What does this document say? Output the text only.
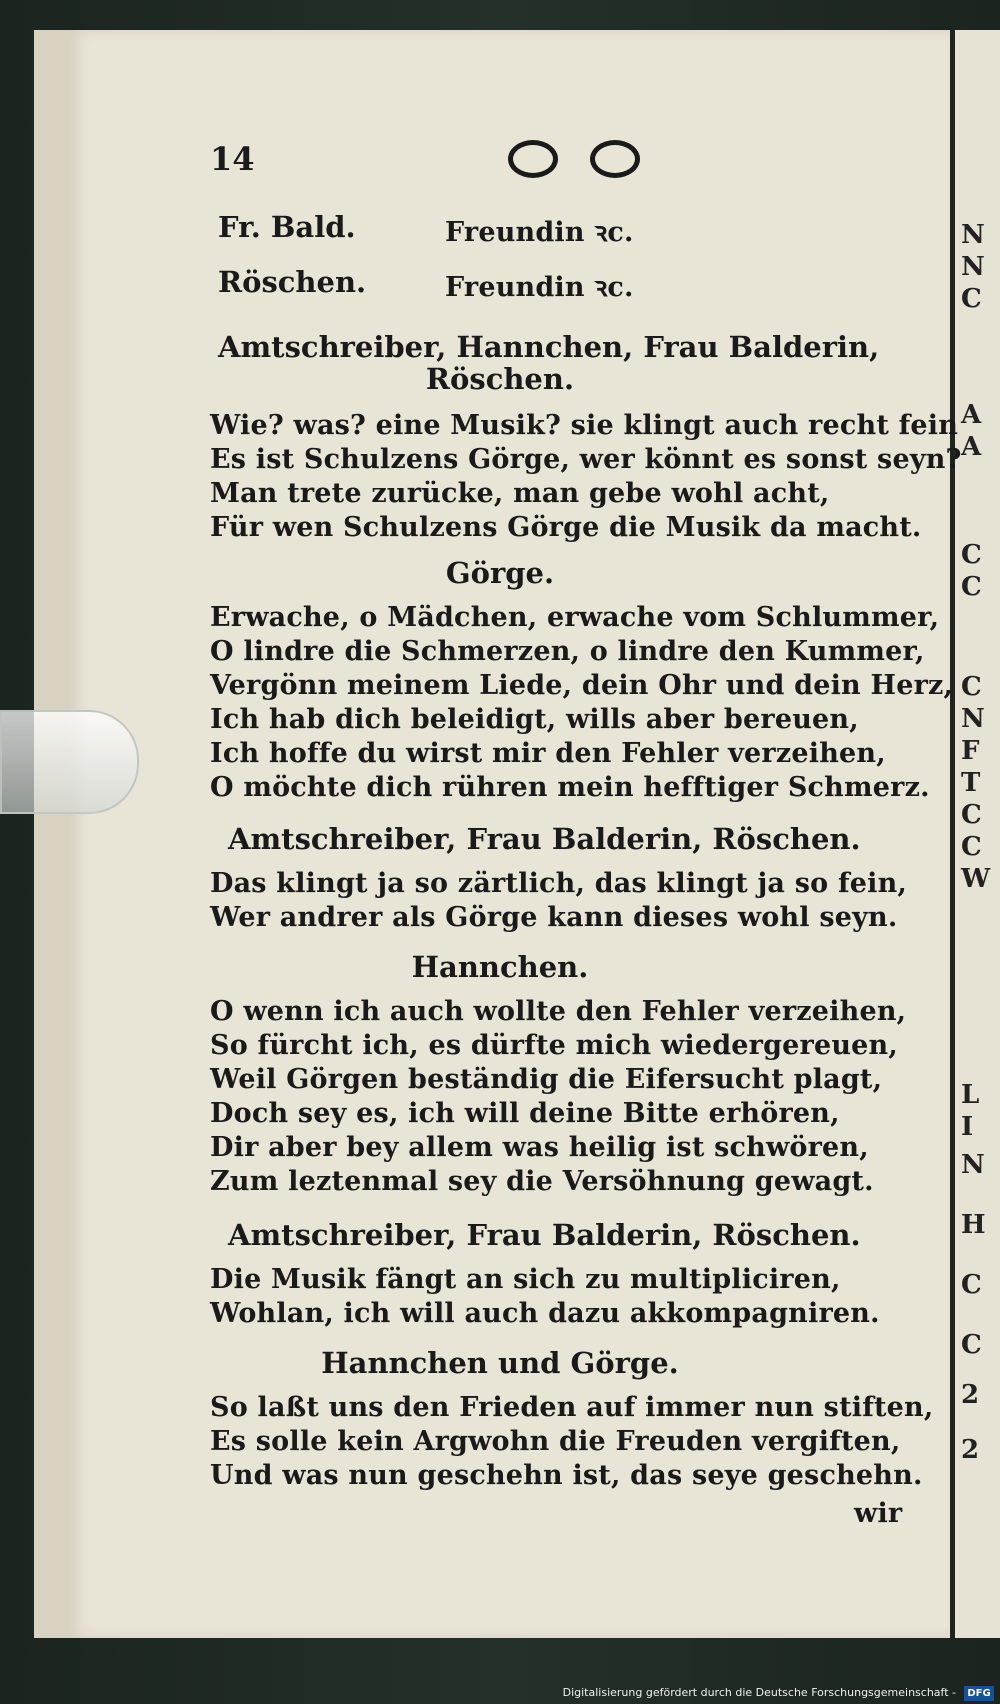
N
N
C
A
A
C
C
C
N
F
T
C
C
W
L
I
N
H
C
C
2
2
14
Fr. Bald.	Freundin ꝛc.
Röschen.	Freundin ꝛc.
Amtschreiber, Hannchen, Frau Balderin,
Röschen.
Wie? was? eine Musik? sie klingt auch recht fein
Es ist Schulzens Görge, wer könnt es sonst seyn?
Man trete zurücke, man gebe wohl acht,
Für wen Schulzens Görge die Musik da macht.
Görge.
Erwache, o Mädchen, erwache vom Schlummer,
O lindre die Schmerzen, o lindre den Kummer,
Vergönn meinem Liede, dein Ohr und dein Herz,
Ich hab dich beleidigt, wills aber bereuen,
Ich hoffe du wirst mir den Fehler verzeihen,
O möchte dich rühren mein hefftiger Schmerz.
Amtschreiber, Frau Balderin, Röschen.
Das klingt ja so zärtlich, das klingt ja so fein,
Wer andrer als Görge kann dieses wohl seyn.
Hannchen.
O wenn ich auch wollte den Fehler verzeihen,
So fürcht ich, es dürfte mich wiedergereuen,
Weil Görgen beständig die Eifersucht plagt,
Doch sey es, ich will deine Bitte erhören,
Dir aber bey allem was heilig ist schwören,
Zum leztenmal sey die Versöhnung gewagt.
Amtschreiber, Frau Balderin, Röschen.
Die Musik fängt an sich zu multipliciren,
Wohlan, ich will auch dazu akkompagniren.
Hannchen und Görge.
So laßt uns den Frieden auf immer nun stiften,
Es solle kein Argwohn die Freuden vergiften,
Und was nun geschehn ist, das seye geschehn.
wir
Digitalisierung gefördert durch die Deutsche Forschungsgemeinschaft -	DFG
